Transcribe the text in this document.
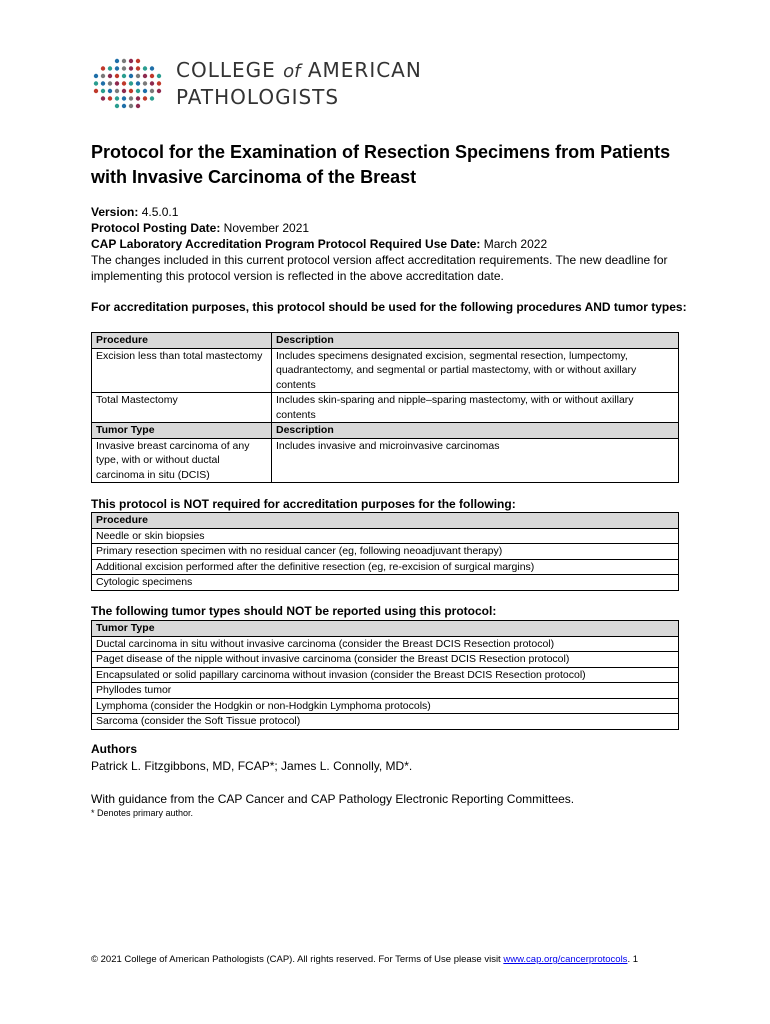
COLLEGE of AMERICAN
PATHOLOGISTS
Protocol for the Examination of Resection Specimens from Patients with Invasive Carcinoma of the Breast
Version: 4.5.0.1
Protocol Posting Date: November 2021
CAP Laboratory Accreditation Program Protocol Required Use Date: March 2022
The changes included in this current protocol version affect accreditation requirements. The new deadline for implementing this protocol version is reflected in the above accreditation date.
For accreditation purposes, this protocol should be used for the following procedures AND tumor types:
Procedure	Description
Excision less than total mastectomy	Includes specimens designated excision, segmental resection, lumpectomy, quadrantectomy, and segmental or partial mastectomy, with or without axillary contents
Total Mastectomy	Includes skin-sparing and nipple–sparing mastectomy, with or without axillary contents
Tumor Type	Description
Invasive breast carcinoma of any type, with or without ductal carcinoma in situ (DCIS)	Includes invasive and microinvasive carcinomas
This protocol is NOT required for accreditation purposes for the following:
Procedure
Needle or skin biopsies
Primary resection specimen with no residual cancer (eg, following neoadjuvant therapy)
Additional excision performed after the definitive resection (eg, re-excision of surgical margins)
Cytologic specimens
The following tumor types should NOT be reported using this protocol:
Tumor Type
Ductal carcinoma in situ without invasive carcinoma (consider the Breast DCIS Resection protocol)
Paget disease of the nipple without invasive carcinoma (consider the Breast DCIS Resection protocol)
Encapsulated or solid papillary carcinoma without invasion (consider the Breast DCIS Resection protocol)
Phyllodes tumor
Lymphoma (consider the Hodgkin or non-Hodgkin Lymphoma protocols)
Sarcoma (consider the Soft Tissue protocol)
Authors
Patrick L. Fitzgibbons, MD, FCAP*; James L. Connolly, MD*.
With guidance from the CAP Cancer and CAP Pathology Electronic Reporting Committees.
* Denotes primary author.
© 2021 College of American Pathologists (CAP). All rights reserved. For Terms of Use please visit www.cap.org/cancerprotocols. 1
